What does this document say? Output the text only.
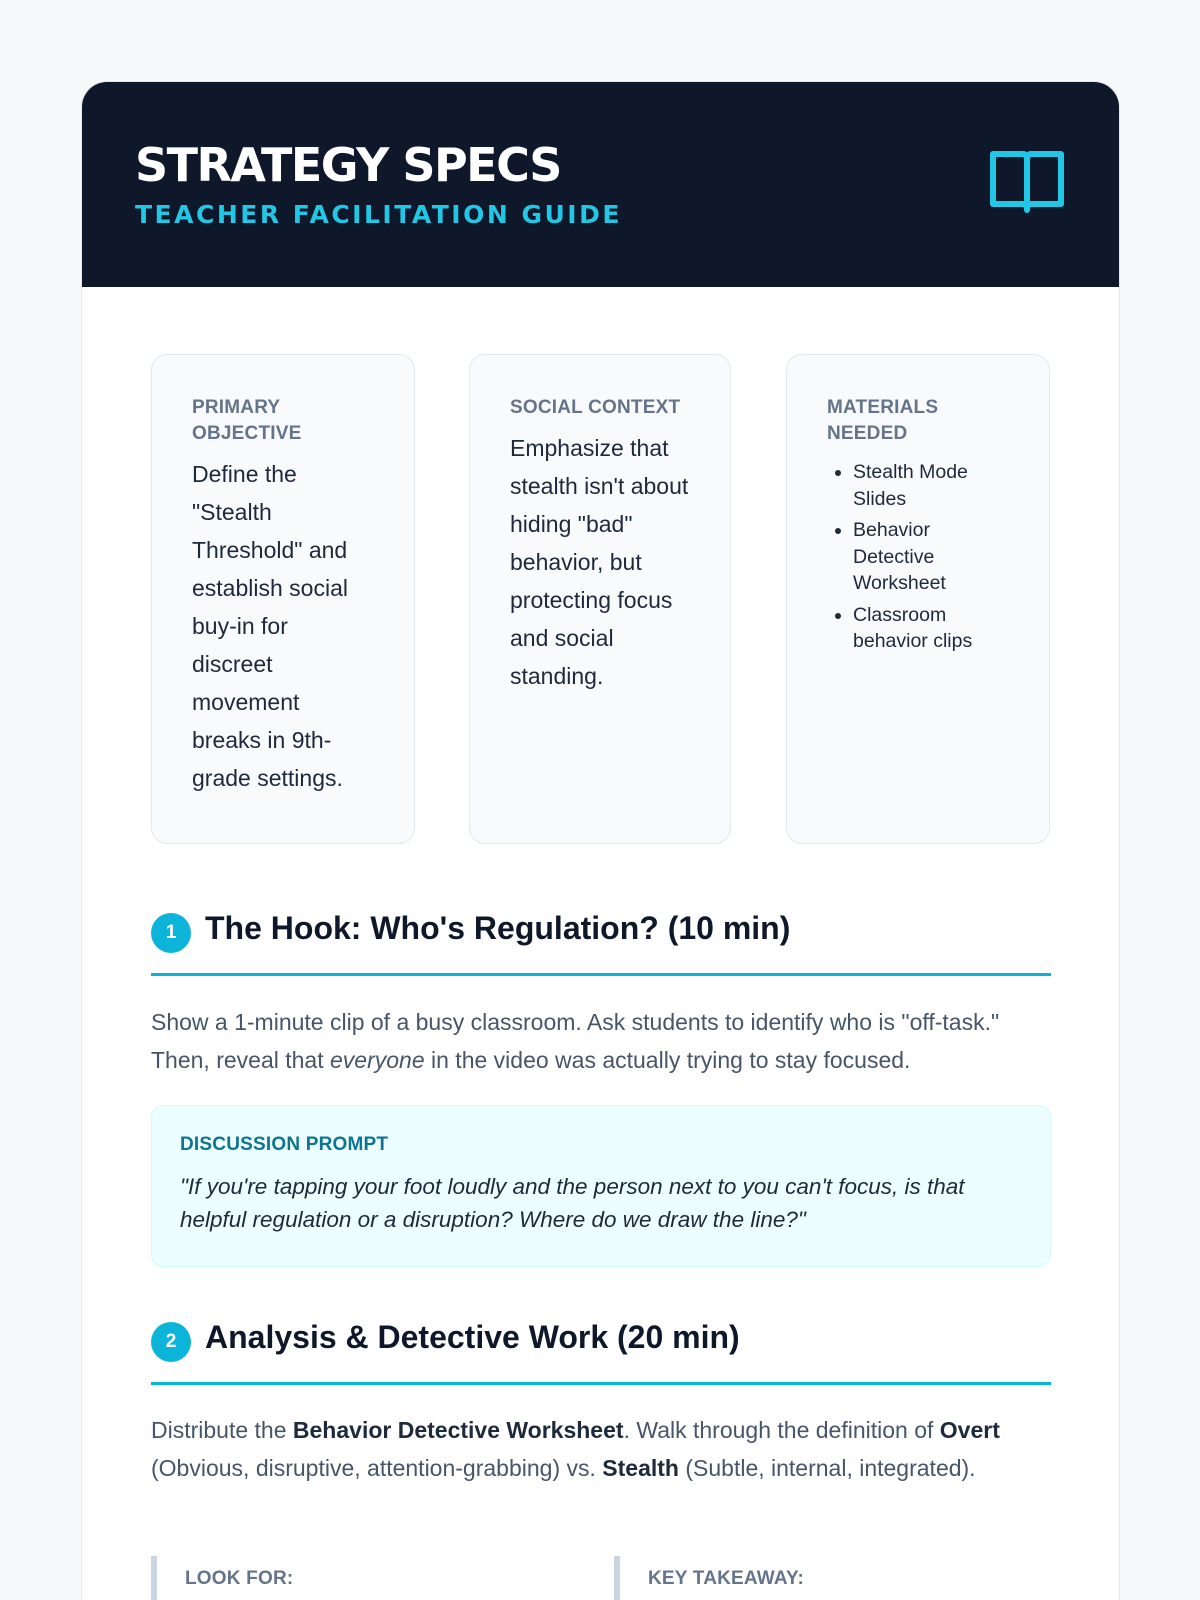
STRATEGY SPECS
TEACHER FACILITATION GUIDE
PRIMARY OBJECTIVE
Define the "Stealth Threshold" and establish social buy-in for discreet movement breaks in 9th-grade settings.
SOCIAL CONTEXT
Emphasize that stealth isn't about hiding "bad" behavior, but protecting focus and social standing.
MATERIALS NEEDED
• Stealth Mode Slides
• Behavior Detective Worksheet
• Classroom behavior clips
1 The Hook: Who's Regulation? (10 min)
Show a 1-minute clip of a busy classroom. Ask students to identify who is "off-task." Then, reveal that everyone in the video was actually trying to stay focused.
DISCUSSION PROMPT
"If you're tapping your foot loudly and the person next to you can't focus, is that helpful regulation or a disruption? Where do we draw the line?"
2 Analysis & Detective Work (20 min)
Distribute the Behavior Detective Worksheet. Walk through the definition of Overt (Obvious, disruptive, attention-grabbing) vs. Stealth (Subtle, internal, integrated).
LOOK FOR:	KEY TAKEAWAY:
